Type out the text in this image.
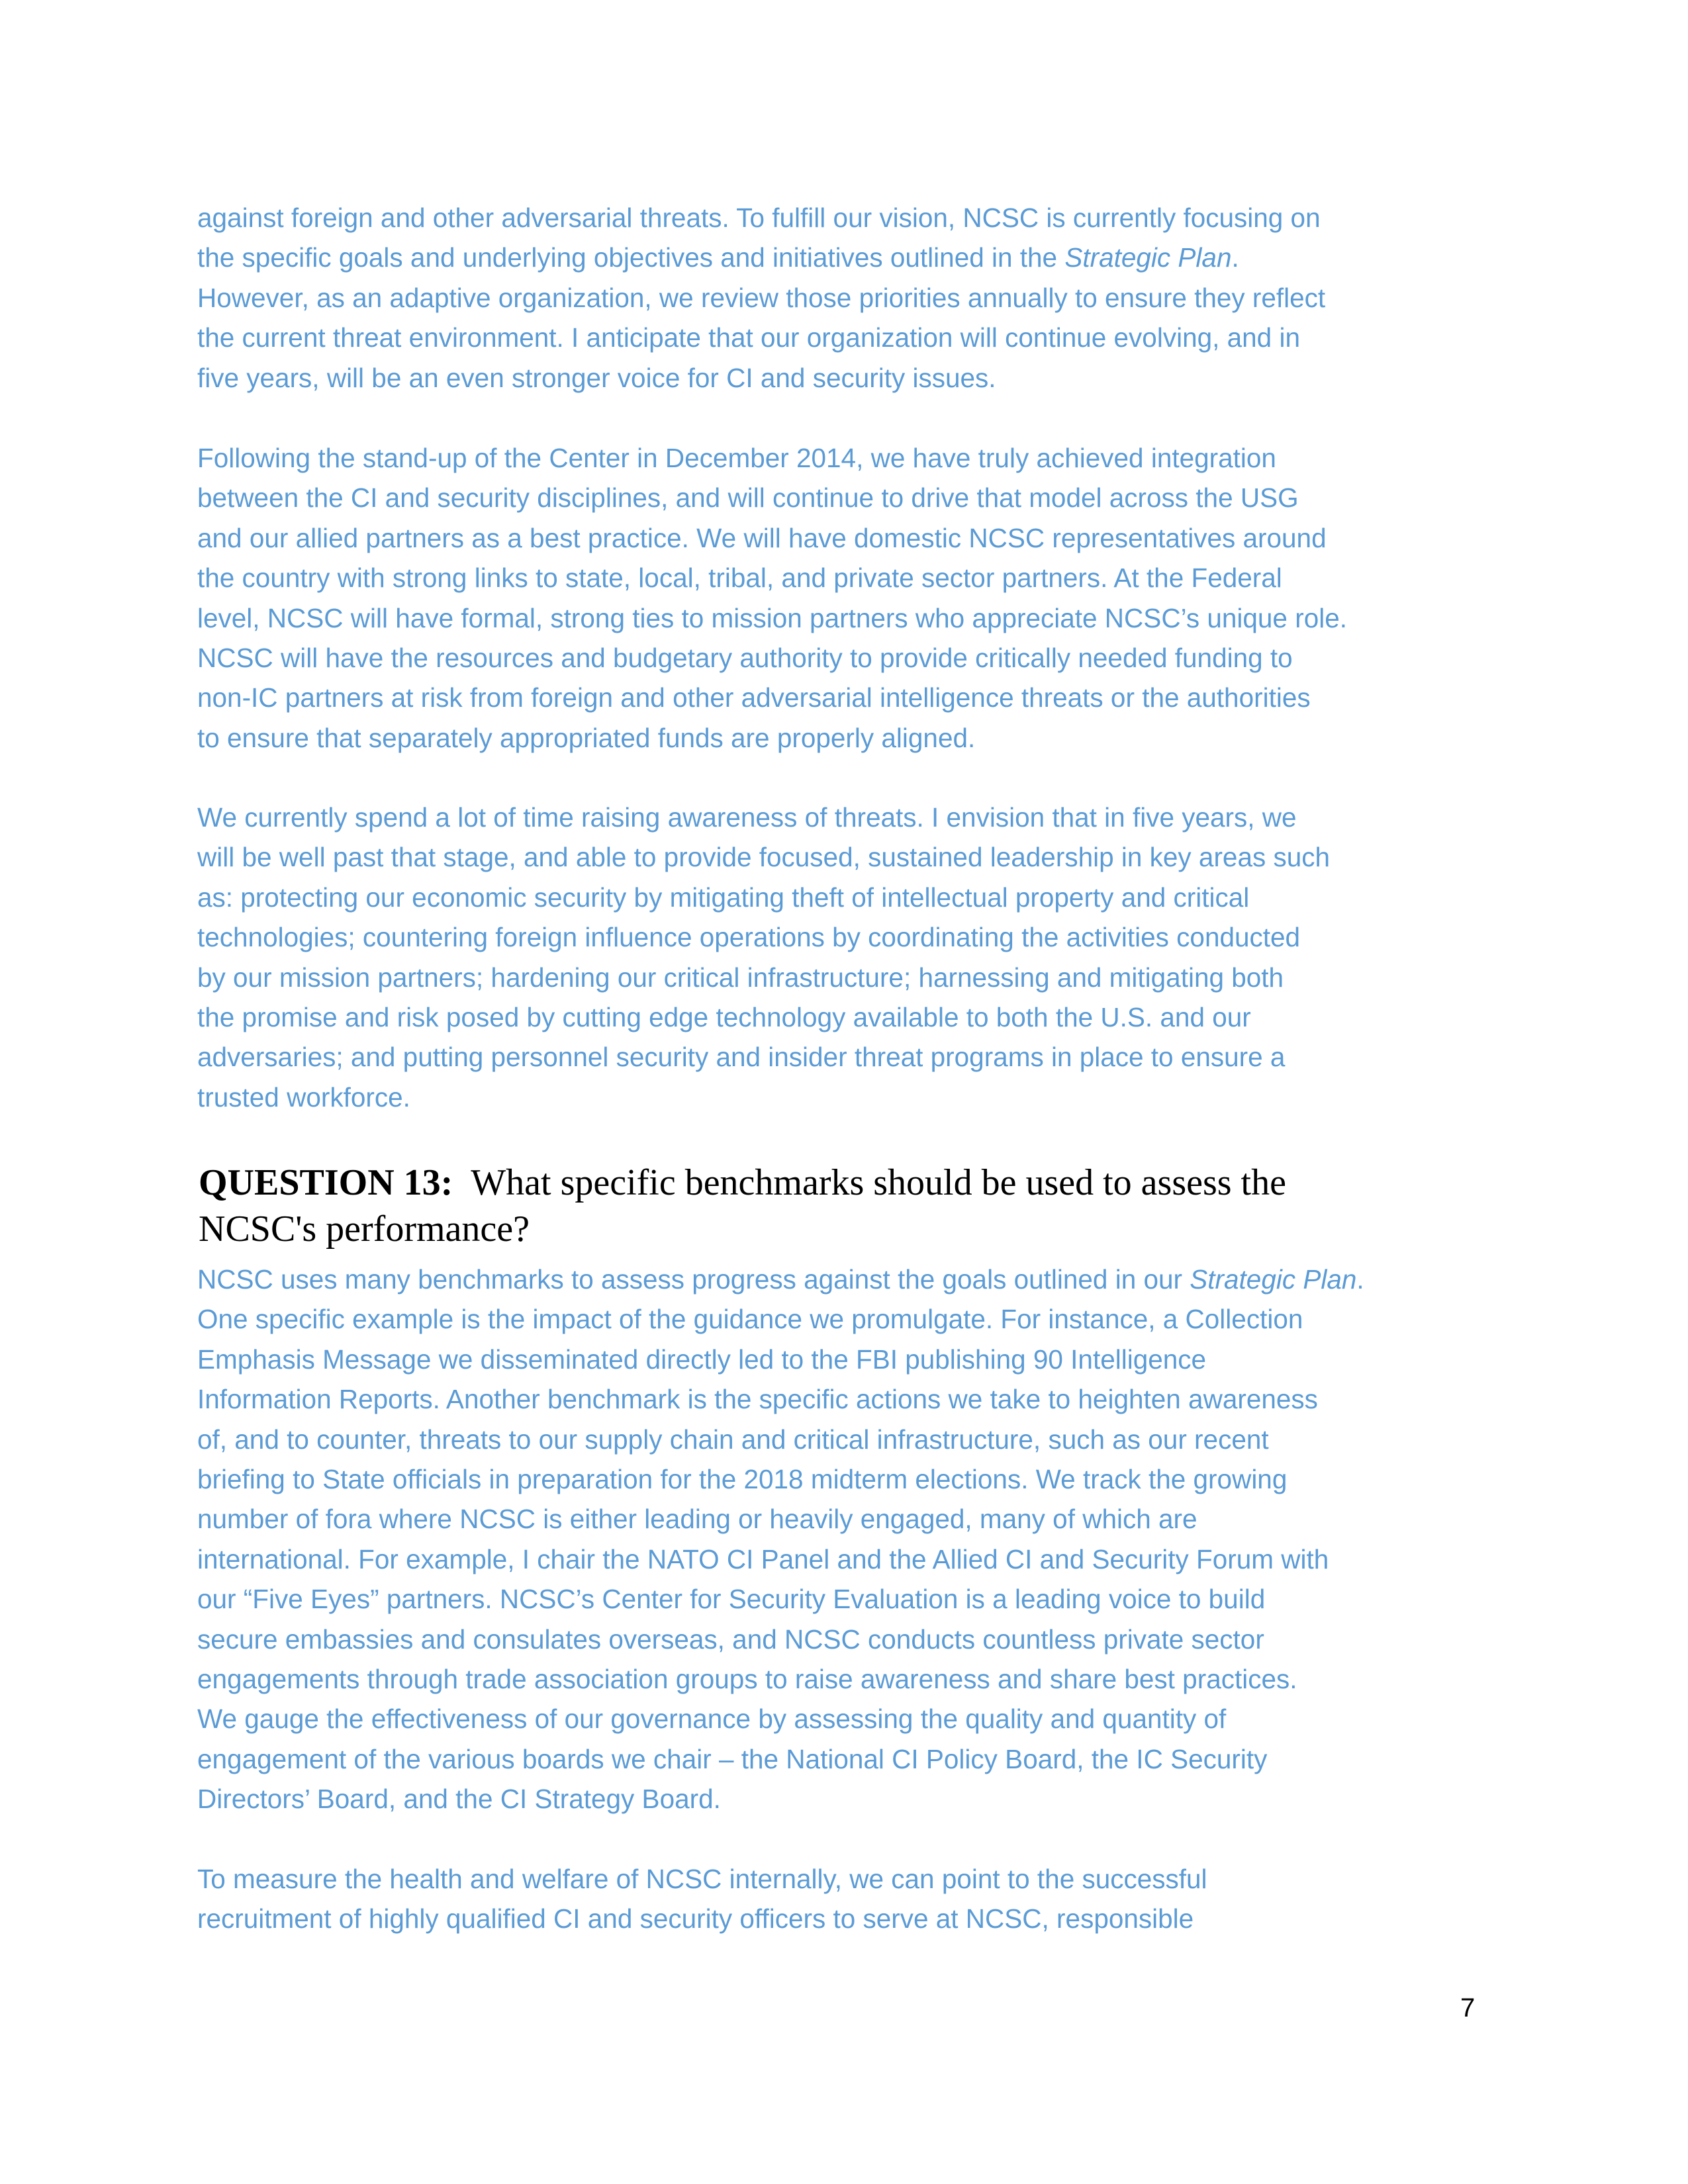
against foreign and other adversarial threats. To fulfill our vision, NCSC is currently focusing on
the specific goals and underlying objectives and initiatives outlined in the Strategic Plan.
However, as an adaptive organization, we review those priorities annually to ensure they reflect
the current threat environment. I anticipate that our organization will continue evolving, and in
five years, will be an even stronger voice for CI and security issues.
Following the stand-up of the Center in December 2014, we have truly achieved integration
between the CI and security disciplines, and will continue to drive that model across the USG
and our allied partners as a best practice. We will have domestic NCSC representatives around
the country with strong links to state, local, tribal, and private sector partners. At the Federal
level, NCSC will have formal, strong ties to mission partners who appreciate NCSC’s unique role.
NCSC will have the resources and budgetary authority to provide critically needed funding to
non-IC partners at risk from foreign and other adversarial intelligence threats or the authorities
to ensure that separately appropriated funds are properly aligned.
We currently spend a lot of time raising awareness of threats. I envision that in five years, we
will be well past that stage, and able to provide focused, sustained leadership in key areas such
as: protecting our economic security by mitigating theft of intellectual property and critical
technologies; countering foreign influence operations by coordinating the activities conducted
by our mission partners; hardening our critical infrastructure; harnessing and mitigating both
the promise and risk posed by cutting edge technology available to both the U.S. and our
adversaries; and putting personnel security and insider threat programs in place to ensure a
trusted workforce.
QUESTION 13: What specific benchmarks should be used to assess the
NCSC's performance?
NCSC uses many benchmarks to assess progress against the goals outlined in our Strategic Plan.
One specific example is the impact of the guidance we promulgate. For instance, a Collection
Emphasis Message we disseminated directly led to the FBI publishing 90 Intelligence
Information Reports. Another benchmark is the specific actions we take to heighten awareness
of, and to counter, threats to our supply chain and critical infrastructure, such as our recent
briefing to State officials in preparation for the 2018 midterm elections. We track the growing
number of fora where NCSC is either leading or heavily engaged, many of which are
international. For example, I chair the NATO CI Panel and the Allied CI and Security Forum with
our “Five Eyes” partners. NCSC’s Center for Security Evaluation is a leading voice to build
secure embassies and consulates overseas, and NCSC conducts countless private sector
engagements through trade association groups to raise awareness and share best practices.
We gauge the effectiveness of our governance by assessing the quality and quantity of
engagement of the various boards we chair – the National CI Policy Board, the IC Security
Directors’ Board, and the CI Strategy Board.
To measure the health and welfare of NCSC internally, we can point to the successful
recruitment of highly qualified CI and security officers to serve at NCSC, responsible
7
